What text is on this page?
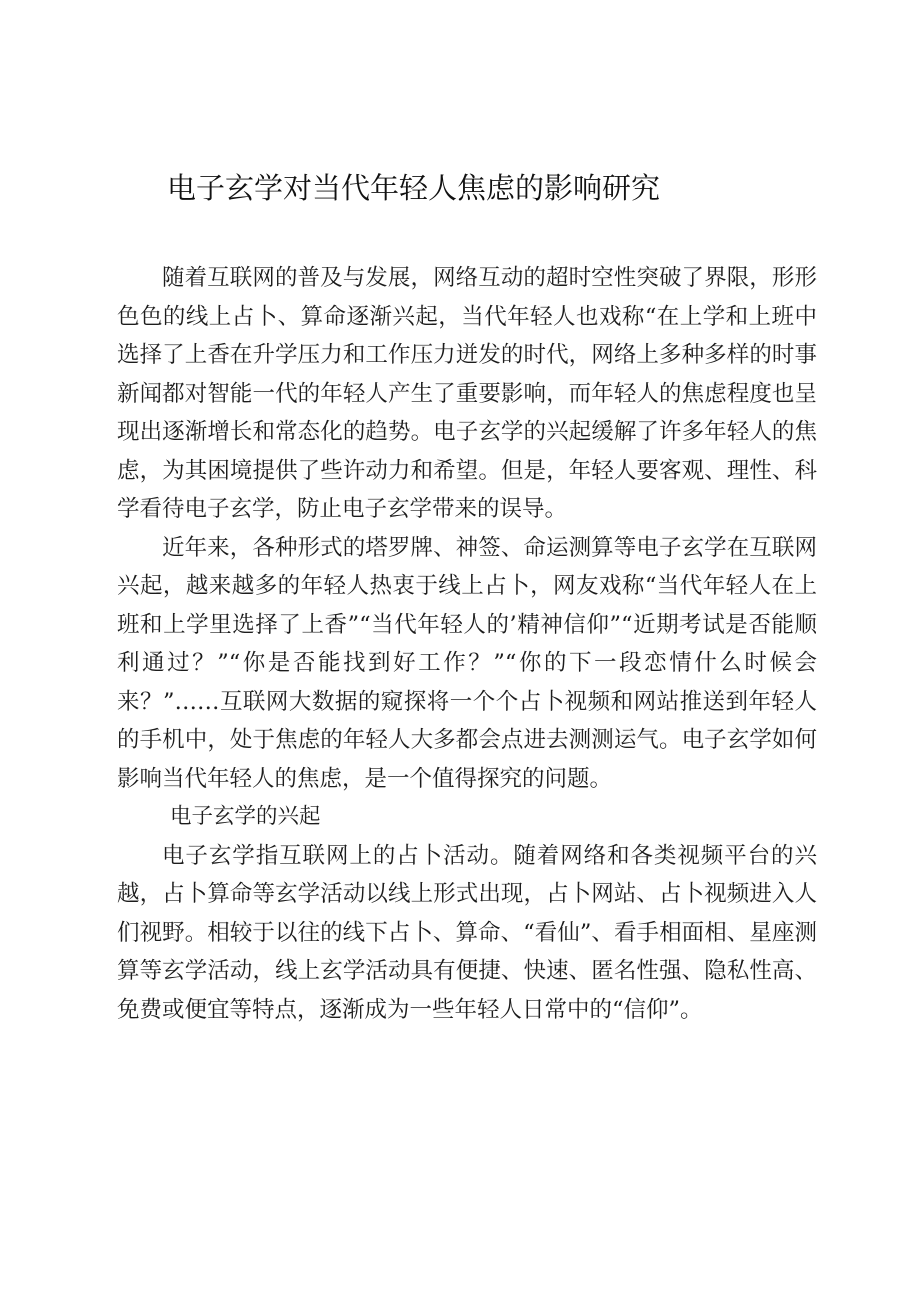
电子玄学对当代年轻人焦虑的影响研究

随着互联网的普及与发展，网络互动的超时空性突破了界限，形形色色的线上占卜、算命逐渐兴起，当代年轻人也戏称“在上学和上班中选择了上香在升学压力和工作压力迸发的时代，网络上多种多样的时事新闻都对智能一代的年轻人产生了重要影响，而年轻人的焦虑程度也呈现出逐渐增长和常态化的趋势。电子玄学的兴起缓解了许多年轻人的焦虑，为其困境提供了些许动力和希望。但是，年轻人要客观、理性、科学看待电子玄学，防止电子玄学带来的误导。

近年来，各种形式的塔罗牌、神签、命运测算等电子玄学在互联网兴起，越来越多的年轻人热衷于线上占卜，网友戏称“当代年轻人在上班和上学里选择了上香”“当代年轻人的’精神信仰”“近期考试是否能顺利通过？”“你是否能找到好工作？”“你的下一段恋情什么时候会来？”……互联网大数据的窥探将一个个占卜视频和网站推送到年轻人的手机中，处于焦虑的年轻人大多都会点进去测测运气。电子玄学如何影响当代年轻人的焦虑，是一个值得探究的问题。

电子玄学的兴起

电子玄学指互联网上的占卜活动。随着网络和各类视频平台的兴越，占卜算命等玄学活动以线上形式出现，占卜网站、占卜视频进入人们视野。相较于以往的线下占卜、算命、“看仙”、看手相面相、星座测算等玄学活动，线上玄学活动具有便捷、快速、匿名性强、隐私性高、免费或便宜等特点，逐渐成为一些年轻人日常中的“信仰”。
